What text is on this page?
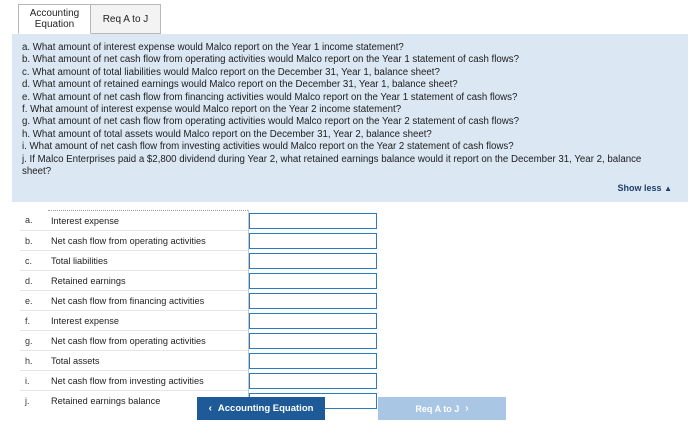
Accounting
Equation	Req A to J
a. What amount of interest expense would Malco report on the Year 1 income statement?
b. What amount of net cash flow from operating activities would Malco report on the Year 1 statement of cash flows?
c. What amount of total liabilities would Malco report on the December 31, Year 1, balance sheet?
d. What amount of retained earnings would Malco report on the December 31, Year 1, balance sheet?
e. What amount of net cash flow from financing activities would Malco report on the Year 1 statement of cash flows?
f. What amount of interest expense would Malco report on the Year 2 income statement?
g. What amount of net cash flow from operating activities would Malco report on the Year 2 statement of cash flows?
h. What amount of total assets would Malco report on the December 31, Year 2, balance sheet?
i. What amount of net cash flow from investing activities would Malco report on the Year 2 statement of cash flows?
j. If Malco Enterprises paid a $2,800 dividend during Year 2, what retained earnings balance would it report on the December 31, Year 2, balance sheet?
Show less ▲
a.	Interest expense	

b.	Net cash flow from operating activities	

c.	Total liabilities	

d.	Retained earnings	

e.	Net cash flow from financing activities	

f.	Interest expense	

g.	Net cash flow from operating activities	

h.	Total assets	

i.	Net cash flow from investing activities	

j.	Retained earnings balance	
‹ Accounting Equation	Req A to J ›
